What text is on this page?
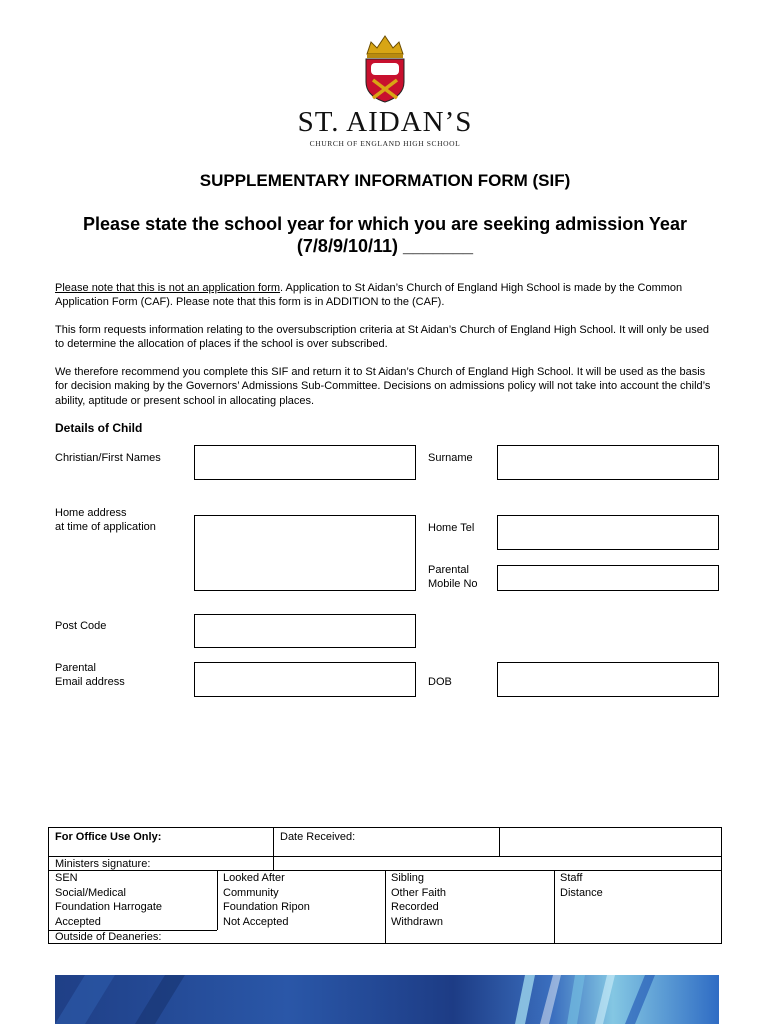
ST. AIDAN’S
CHURCH OF ENGLAND HIGH SCHOOL
SUPPLEMENTARY INFORMATION FORM (SIF)
Please state the school year for which you are seeking admission Year (7/8/9/10/11) _______
Please note that this is not an application form. Application to St Aidan’s Church of England High School is made by the Common Application Form (CAF). Please note that this form is in ADDITION to the (CAF).
This form requests information relating to the oversubscription criteria at St Aidan’s Church of England High School. It will only be used to determine the allocation of places if the school is over subscribed.
We therefore recommend you complete this SIF and return it to St Aidan’s Church of England High School. It will be used as the basis for decision making by the Governors’ Admissions Sub-Committee. Decisions on admissions policy will not take into account the child’s ability, aptitude or present school in allocating places.
Details of Child
Christian/First Names	Surname
Home address
at time of application	Home Tel
Parental
Mobile No
Post Code
Parental
Email address	DOB
For Office Use Only:	Date Received:
Ministers signature:
SEN	Looked After	Sibling	Staff
Social/Medical	Community	Other Faith	Distance
Foundation Harrogate	Foundation Ripon	Recorded
Accepted	Not Accepted	Withdrawn
Outside of Deaneries:
